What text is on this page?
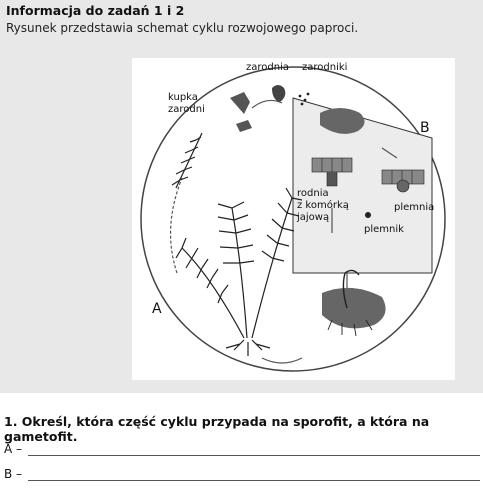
Informacja do zadań 1 i 2
Rysunek przedstawia schemat cyklu rozwojowego paproci.
zarodnia zarodniki
kupka
zarodni
B
A
rodnia
z komórką
jajową
plemnia
plemnik
1. Określ, która część cyklu przypada na sporofit, a która na gametofit.
A –
B –
